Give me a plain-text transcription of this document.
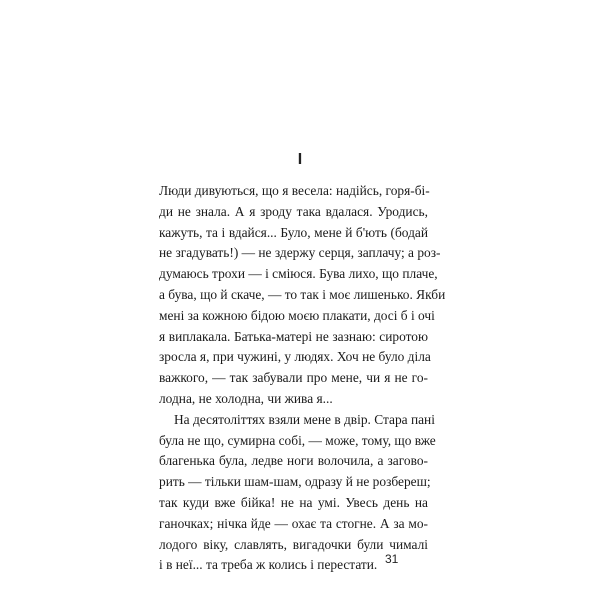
I
Люди дивуються, що я весела: надійсь, горя-бі-
ди не знала. А я зроду така вдалася. Уродись,
кажуть, та і вдайся... Було, мене й б'ють (бодай
не згадувать!) — не здержу серця, заплачу; а роз-
думаюсь трохи — і сміюся. Бува лихо, що плаче,
а бува, що й скаче, — то так і моє лишенько. Якби
мені за кожною бідою моєю плакати, досі б і очі
я виплакала. Батька-матері не зазнаю: сиротою
зросла я, при чужині, у людях. Хоч не було діла
важкого, — так забували про мене, чи я не го-
лодна, не холодна, чи жива я...
На десятоліттях взяли мене в двір. Стара пані
була не що, сумирна собі, — може, тому, що вже
благенька була, ледве ноги волочила, а загово-
рить — тільки шам-шам, одразу й не розбереш;
так куди вже бійка! не на умі. Увесь день на
ганочках; нічка йде — охає та стогне. А за мо-
лодого віку, славлять, вигадочки були чималі
і в неї... та треба ж колись і перестати. 31
